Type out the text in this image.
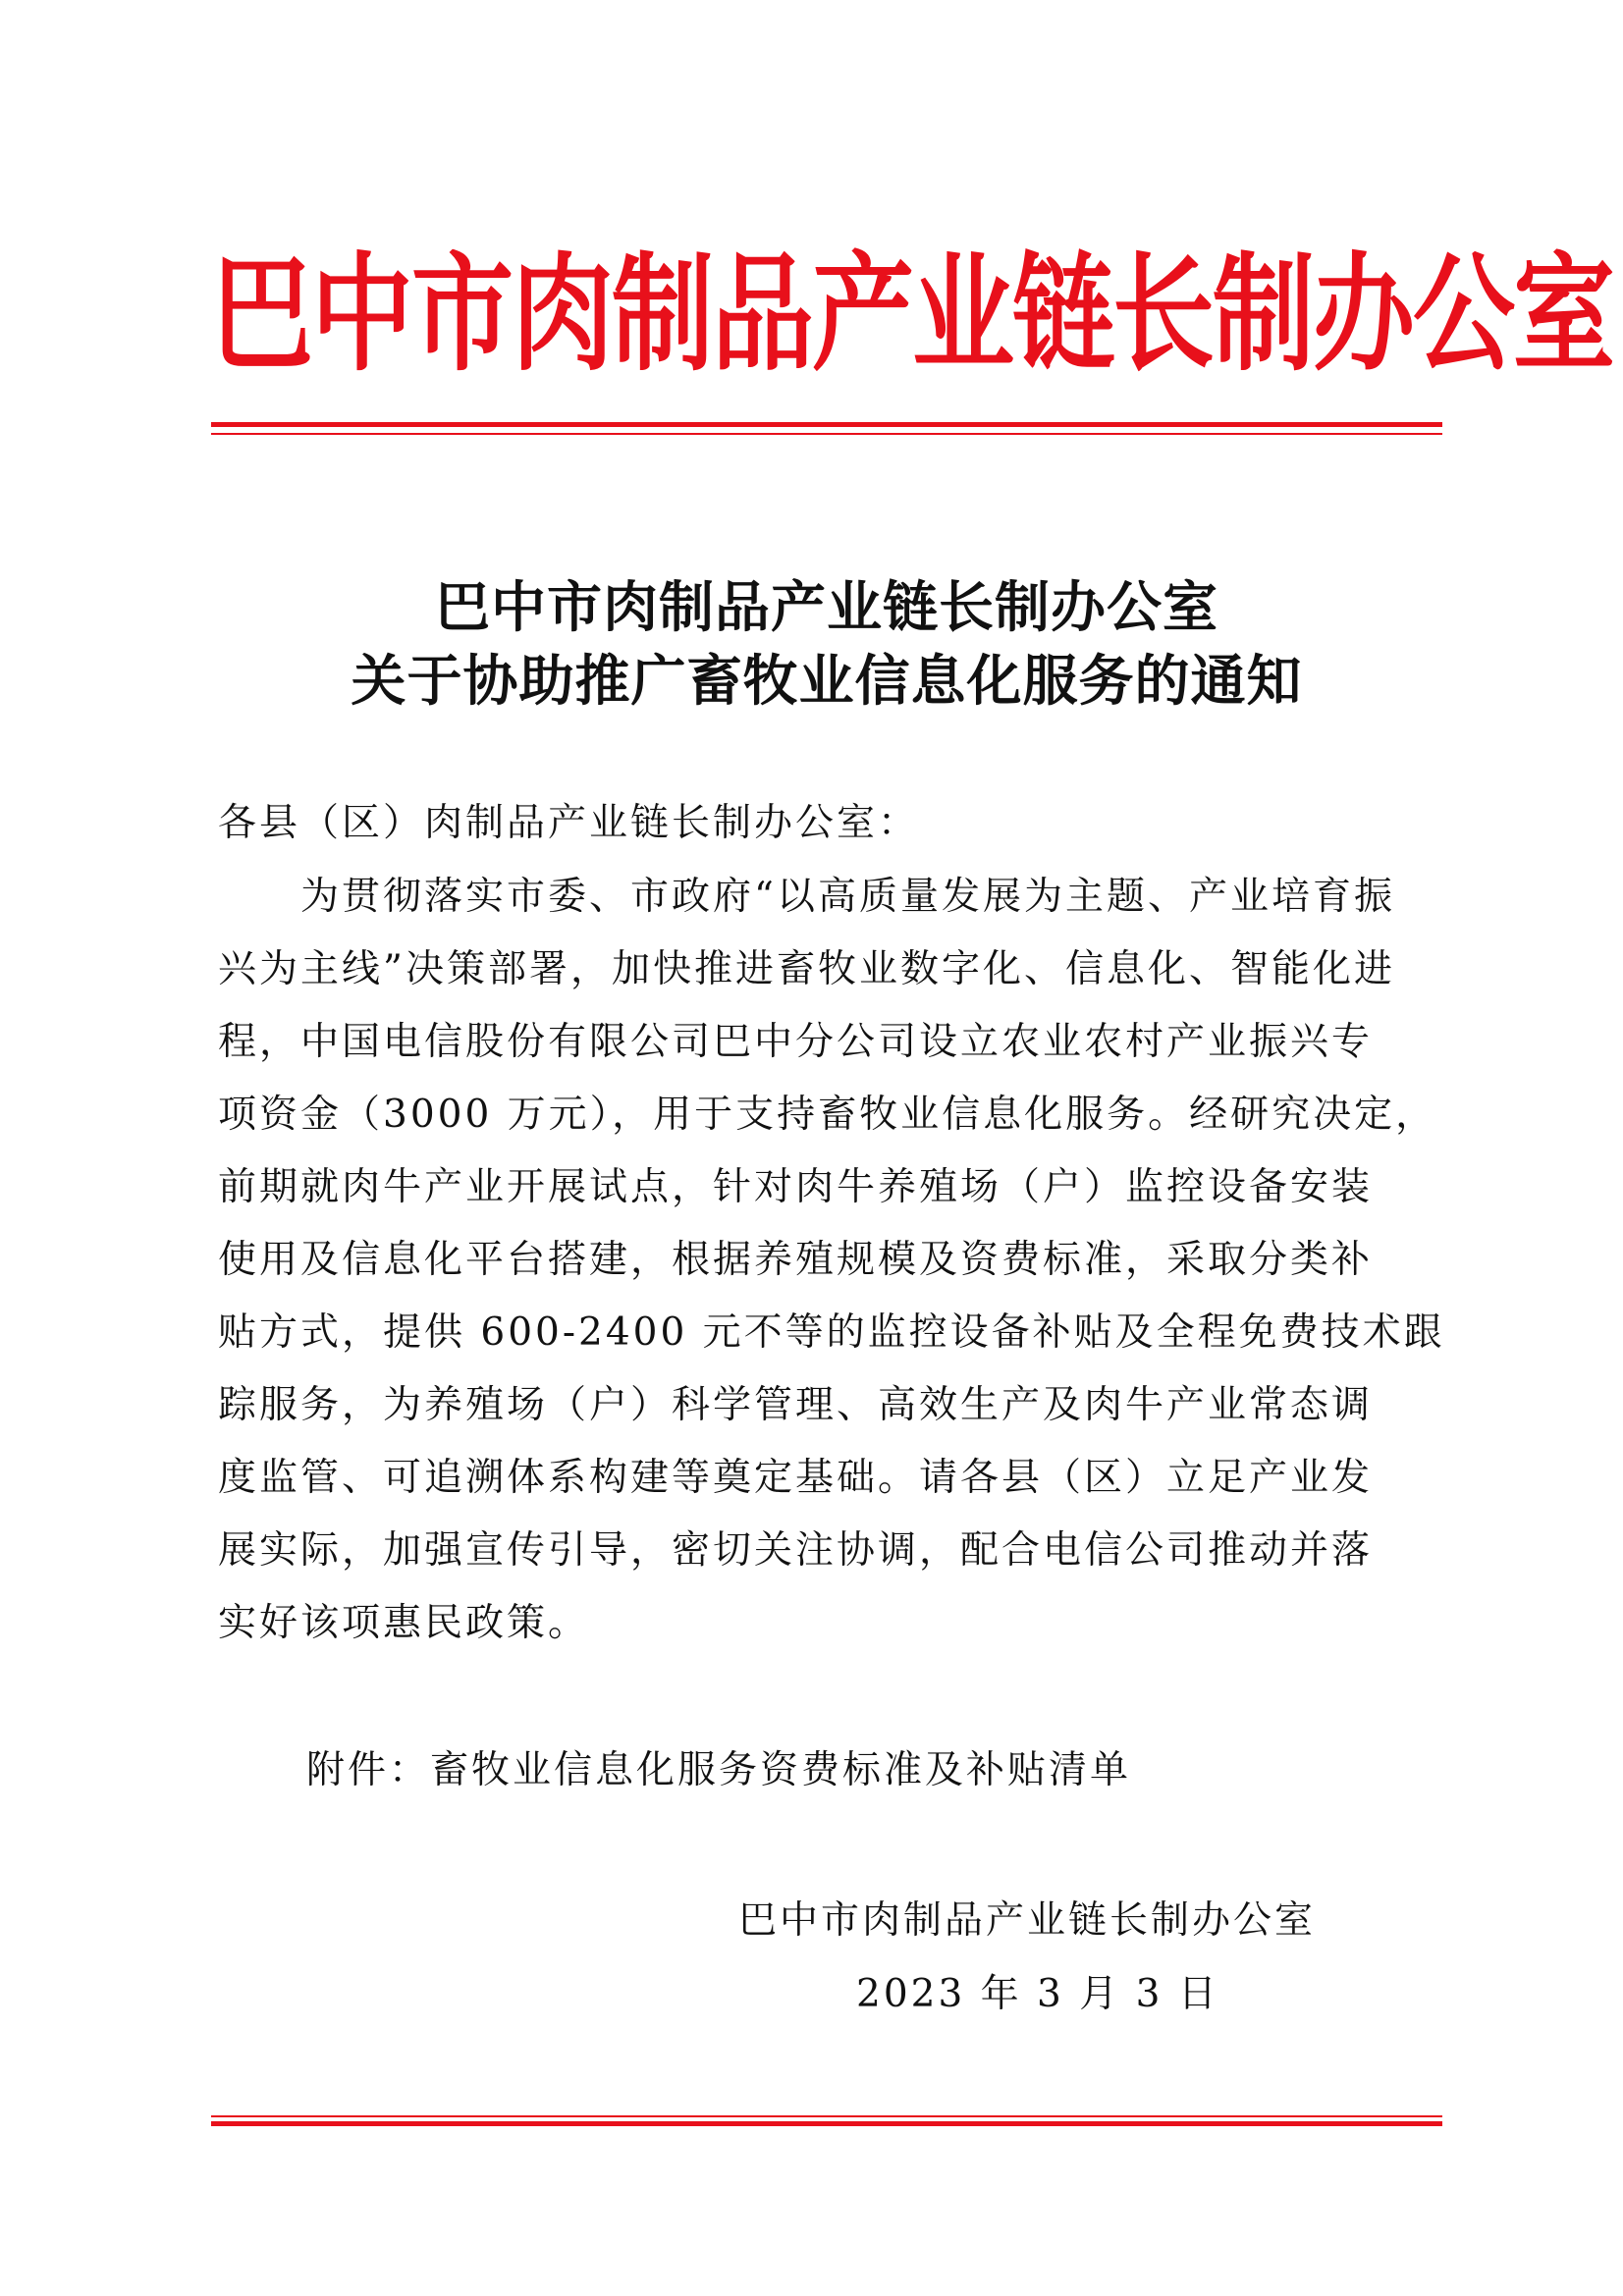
巴中市肉制品产业链长制办公室
巴中市肉制品产业链长制办公室
关于协助推广畜牧业信息化服务的通知
各县（区）肉制品产业链长制办公室：
　　为贯彻落实市委、市政府“以高质量发展为主题、产业培育振
兴为主线”决策部署，加快推进畜牧业数字化、信息化、智能化进
程，中国电信股份有限公司巴中分公司设立农业农村产业振兴专
项资金（3000 万元），用于支持畜牧业信息化服务。经研究决定，
前期就肉牛产业开展试点，针对肉牛养殖场（户）监控设备安装
使用及信息化平台搭建，根据养殖规模及资费标准，采取分类补
贴方式，提供 600-2400 元不等的监控设备补贴及全程免费技术跟
踪服务，为养殖场（户）科学管理、高效生产及肉牛产业常态调
度监管、可追溯体系构建等奠定基础。请各县（区）立足产业发
展实际，加强宣传引导，密切关注协调，配合电信公司推动并落
实好该项惠民政策。
附件：畜牧业信息化服务资费标准及补贴清单
巴中市肉制品产业链长制办公室
2023 年 3 月 3 日
